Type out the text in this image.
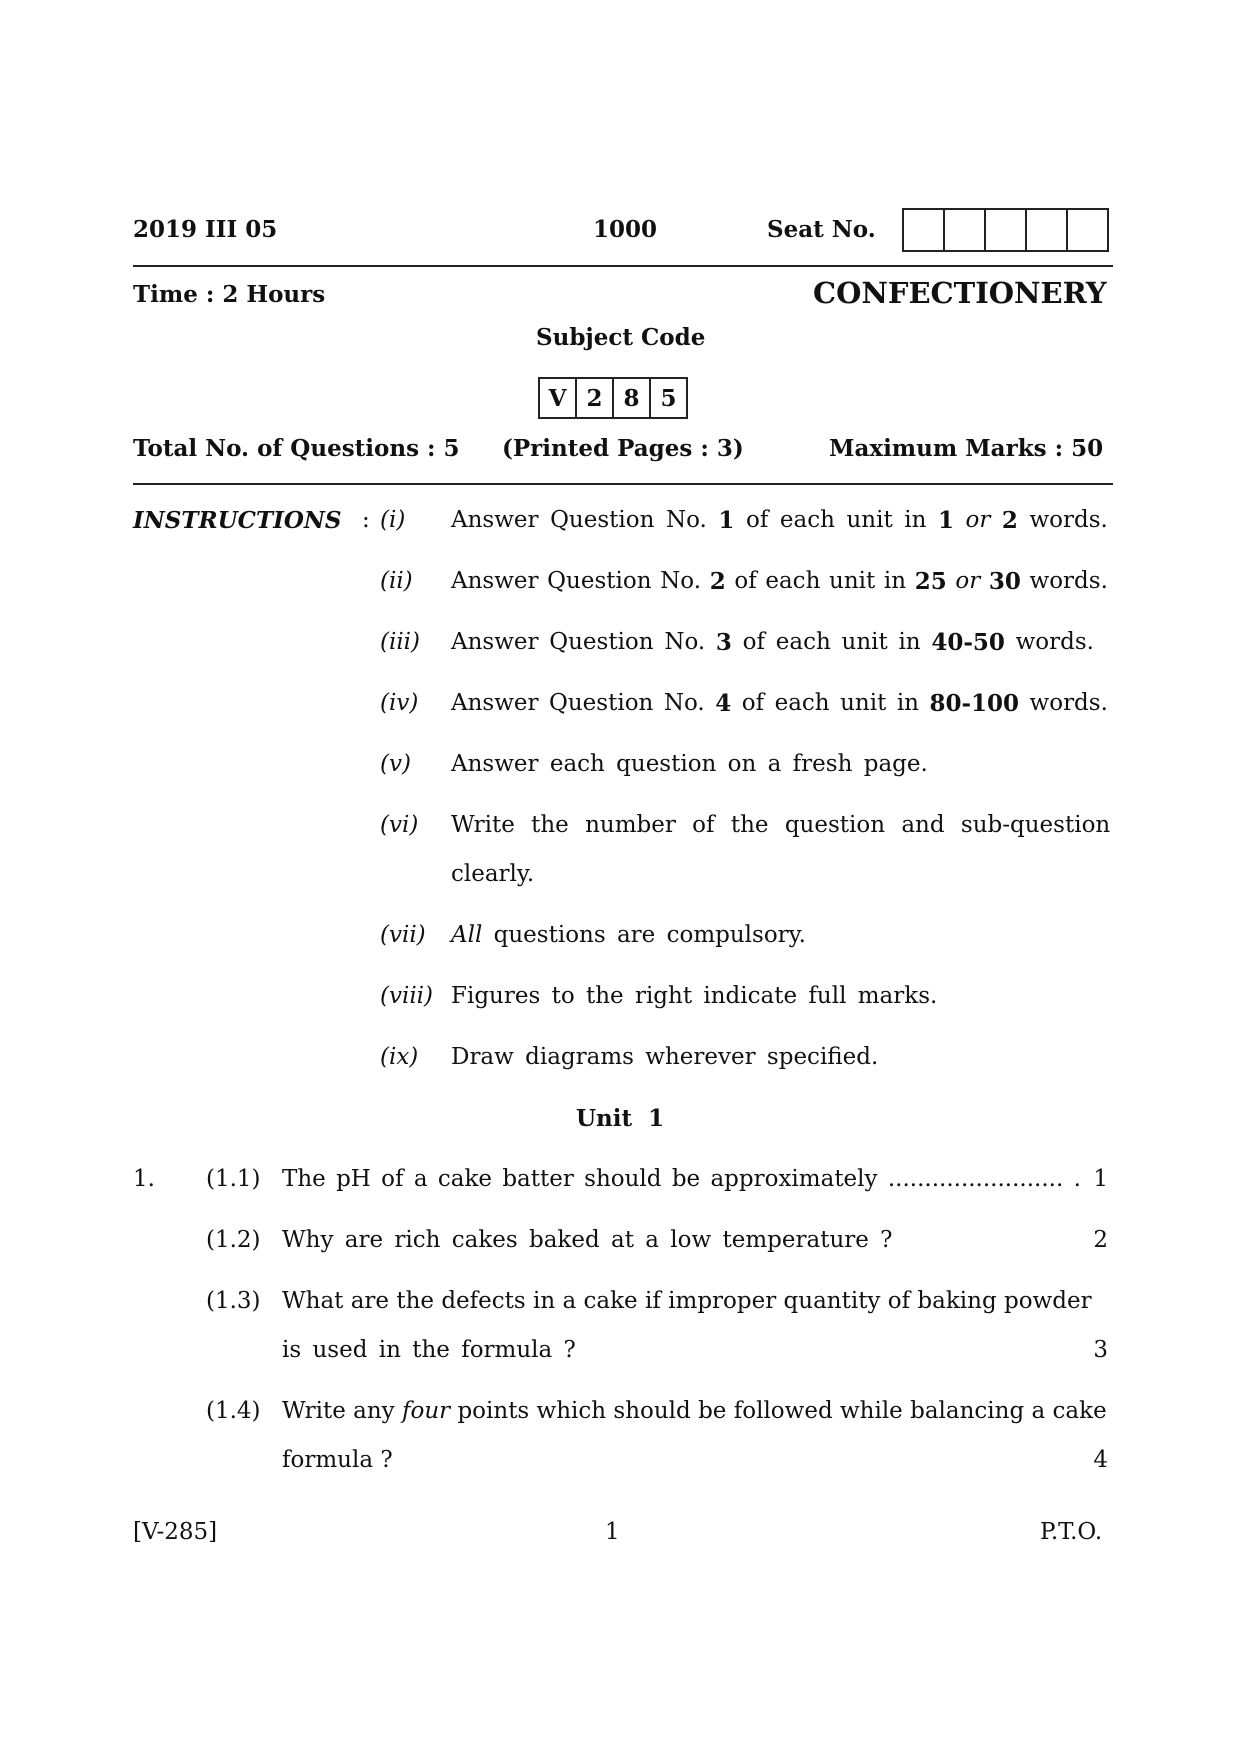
2019 III 05	1000	Seat No.
Time : 2 Hours	CONFECTIONERY
Subject Code
V 2 8 5
Total No. of Questions : 5 (Printed Pages : 3)	Maximum Marks : 50
INSTRUCTIONS : (i) Answer Question No. 1 of each unit in 1 or 2 words.
(ii) Answer Question No. 2 of each unit in 25 or 30 words.
(iii) Answer Question No. 3 of each unit in 40-50 words.
(iv) Answer Question No. 4 of each unit in 80-100 words.
(v) Answer each question on a fresh page.
(vi) Write the number of the question and sub-question
clearly.
(vii) All questions are compulsory.
(viii) Figures to the right indicate full marks.
(ix) Draw diagrams wherever specified.
Unit  1
1. (1.1) The pH of a cake batter should be approximately ........................ . 1
(1.2) Why are rich cakes baked at a low temperature ?	2
(1.3) What are the defects in a cake if improper quantity of baking powder
is used in the formula ?	3
(1.4) Write any four points which should be followed while balancing a cake
formula ?	4
[V-285]	1	P.T.O.
